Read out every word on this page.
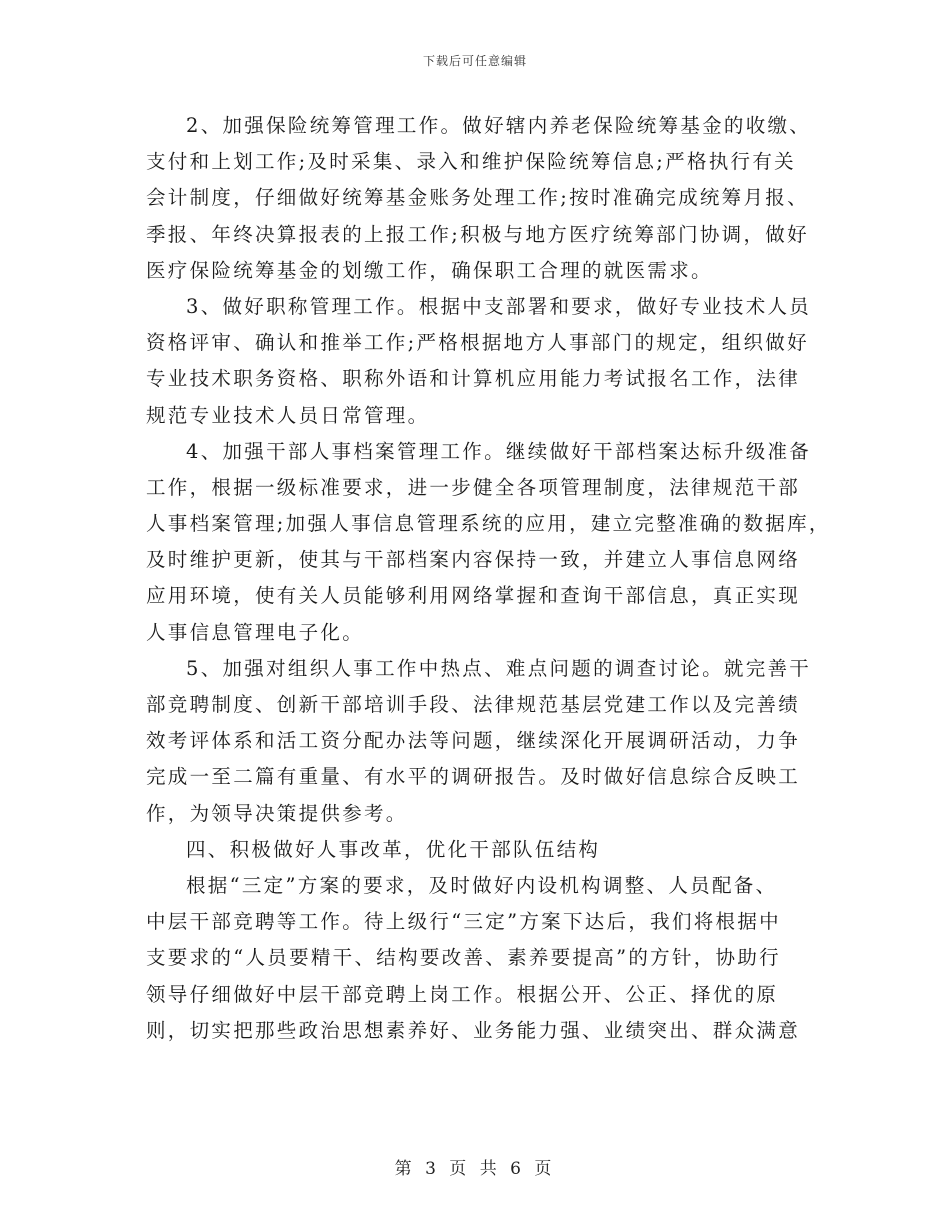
下载后可任意编辑
2、加强保险统筹管理工作。做好辖内养老保险统筹基金的收缴、
支付和上划工作;及时采集、录入和维护保险统筹信息;严格执行有关
会计制度，仔细做好统筹基金账务处理工作;按时准确完成统筹月报、
季报、年终决算报表的上报工作;积极与地方医疗统筹部门协调，做好
医疗保险统筹基金的划缴工作，确保职工合理的就医需求。
3、做好职称管理工作。根据中支部署和要求，做好专业技术人员
资格评审、确认和推举工作;严格根据地方人事部门的规定，组织做好
专业技术职务资格、职称外语和计算机应用能力考试报名工作，法律
规范专业技术人员日常管理。
4、加强干部人事档案管理工作。继续做好干部档案达标升级准备
工作，根据一级标准要求，进一步健全各项管理制度，法律规范干部
人事档案管理;加强人事信息管理系统的应用，建立完整准确的数据库，
及时维护更新，使其与干部档案内容保持一致，并建立人事信息网络
应用环境，使有关人员能够利用网络掌握和查询干部信息，真正实现
人事信息管理电子化。
5、加强对组织人事工作中热点、难点问题的调查讨论。就完善干
部竞聘制度、创新干部培训手段、法律规范基层党建工作以及完善绩
效考评体系和活工资分配办法等问题，继续深化开展调研活动，力争
完成一至二篇有重量、有水平的调研报告。及时做好信息综合反映工
作，为领导决策提供参考。
四、积极做好人事改革，优化干部队伍结构
根据“三定”方案的要求，及时做好内设机构调整、人员配备、
中层干部竞聘等工作。待上级行“三定”方案下达后，我们将根据中
支要求的“人员要精干、结构要改善、素养要提高”的方针，协助行
领导仔细做好中层干部竞聘上岗工作。根据公开、公正、择优的原
则，切实把那些政治思想素养好、业务能力强、业绩突出、群众满意
第 3 页 共 6 页
